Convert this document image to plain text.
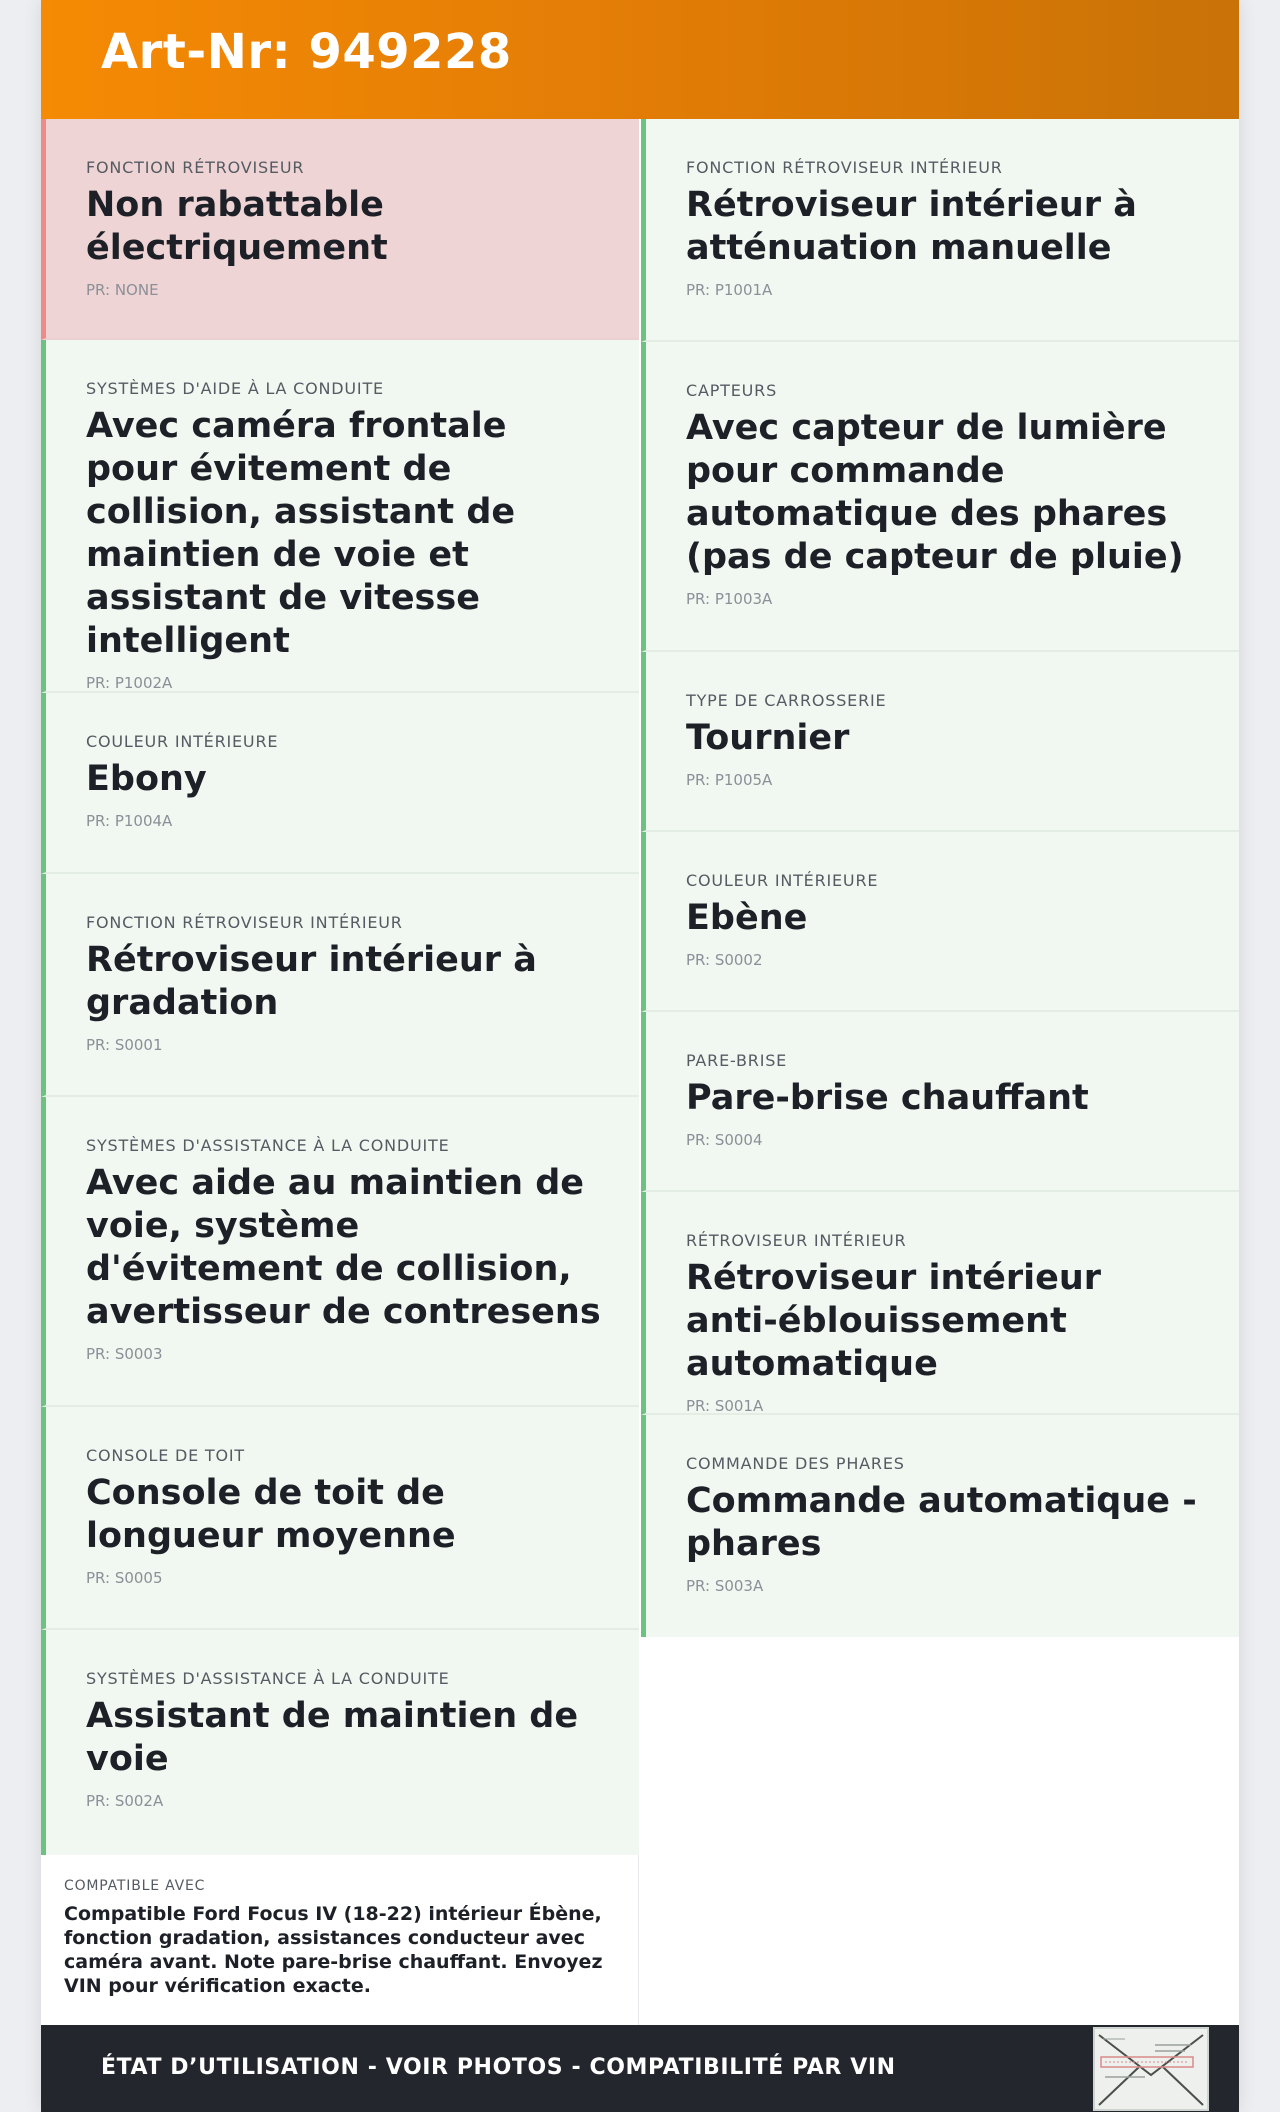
Art-Nr: 949228
FONCTION RÉTROVISEUR
Non rabattable électriquement
PR: NONE
SYSTÈMES D'AIDE À LA CONDUITE
Avec caméra frontale pour évitement de collision, assistant de maintien de voie et assistant de vitesse intelligent
PR: P1002A
COULEUR INTÉRIEURE
Ebony
PR: P1004A
FONCTION RÉTROVISEUR INTÉRIEUR
Rétroviseur intérieur à gradation
PR: S0001
SYSTÈMES D'ASSISTANCE À LA CONDUITE
Avec aide au maintien de voie, système d'évitement de collision, avertisseur de contresens
PR: S0003
CONSOLE DE TOIT
Console de toit de longueur moyenne
PR: S0005
SYSTÈMES D'ASSISTANCE À LA CONDUITE
Assistant de maintien de voie
PR: S002A
FONCTION RÉTROVISEUR INTÉRIEUR
Rétroviseur intérieur à atténuation manuelle
PR: P1001A
CAPTEURS
Avec capteur de lumière pour commande automatique des phares (pas de capteur de pluie)
PR: P1003A
TYPE DE CARROSSERIE
Tournier
PR: P1005A
COULEUR INTÉRIEURE
Ebène
PR: S0002
PARE-BRISE
Pare-brise chauffant
PR: S0004
RÉTROVISEUR INTÉRIEUR
Rétroviseur intérieur anti-éblouissement automatique
PR: S001A
COMMANDE DES PHARES
Commande automatique - phares
PR: S003A
COMPATIBLE AVEC
Compatible Ford Focus IV (18-22) intérieur Ébène, fonction gradation, assistances conducteur avec caméra avant. Note pare-brise chauffant. Envoyez VIN pour vérification exacte.
ÉTAT D’UTILISATION - VOIR PHOTOS - COMPATIBILITÉ PAR VIN
